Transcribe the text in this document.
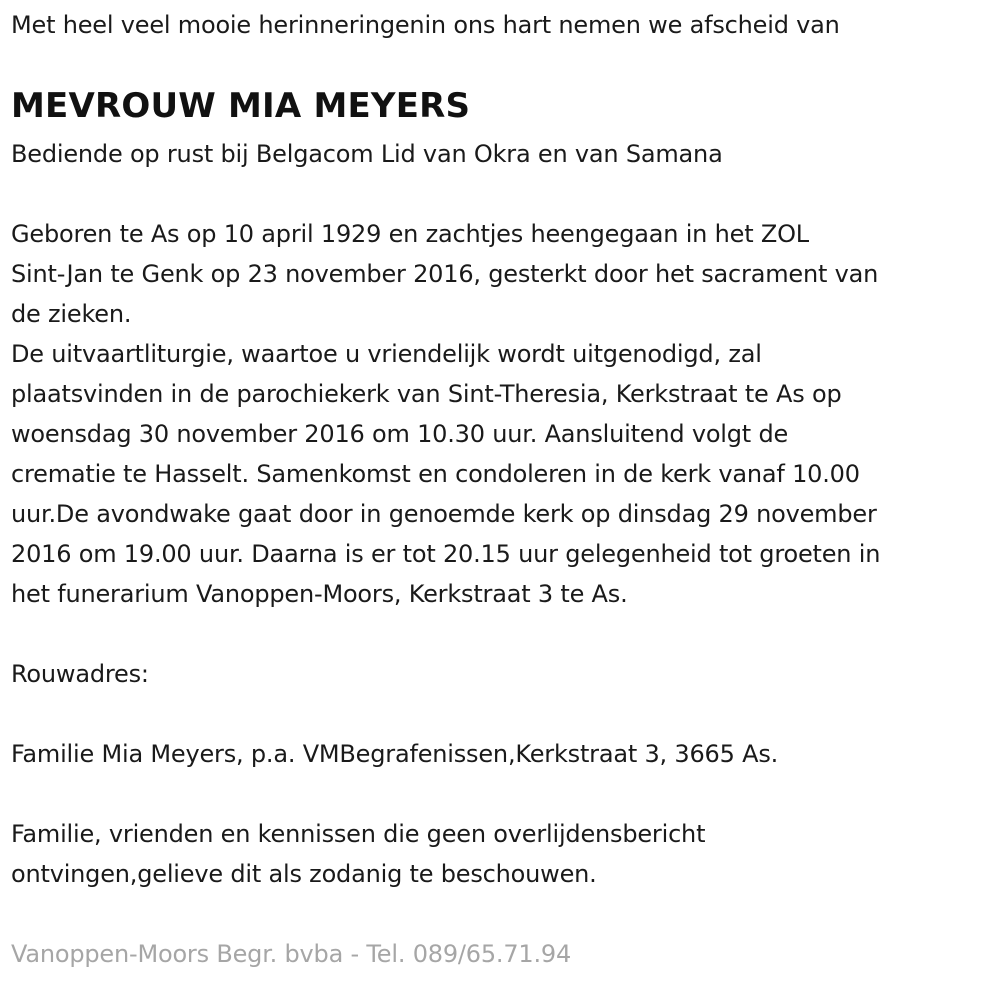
Met heel veel mooie herinneringenin ons hart nemen we afscheid van
MEVROUW MIA MEYERS
Bediende op rust bij Belgacom Lid van Okra en van Samana
Geboren te As op 10 april 1929 en zachtjes heengegaan in het ZOL
Sint-Jan te Genk op 23 november 2016, gesterkt door het sacrament van
de zieken.
De uitvaartliturgie, waartoe u vriendelijk wordt uitgenodigd, zal
plaatsvinden in de parochiekerk van Sint-Theresia, Kerkstraat te As op
woensdag 30 november 2016 om 10.30 uur. Aansluitend volgt de
crematie te Hasselt. Samenkomst en condoleren in de kerk vanaf 10.00
uur.De avondwake gaat door in genoemde kerk op dinsdag 29 november
2016 om 19.00 uur. Daarna is er tot 20.15 uur gelegenheid tot groeten in
het funerarium Vanoppen-Moors, Kerkstraat 3 te As.
Rouwadres:
Familie Mia Meyers, p.a. VMBegrafenissen,Kerkstraat 3, 3665 As.
Familie, vrienden en kennissen die geen overlijdensbericht
ontvingen,gelieve dit als zodanig te beschouwen.
Vanoppen-Moors Begr. bvba - Tel. 089/65.71.94
